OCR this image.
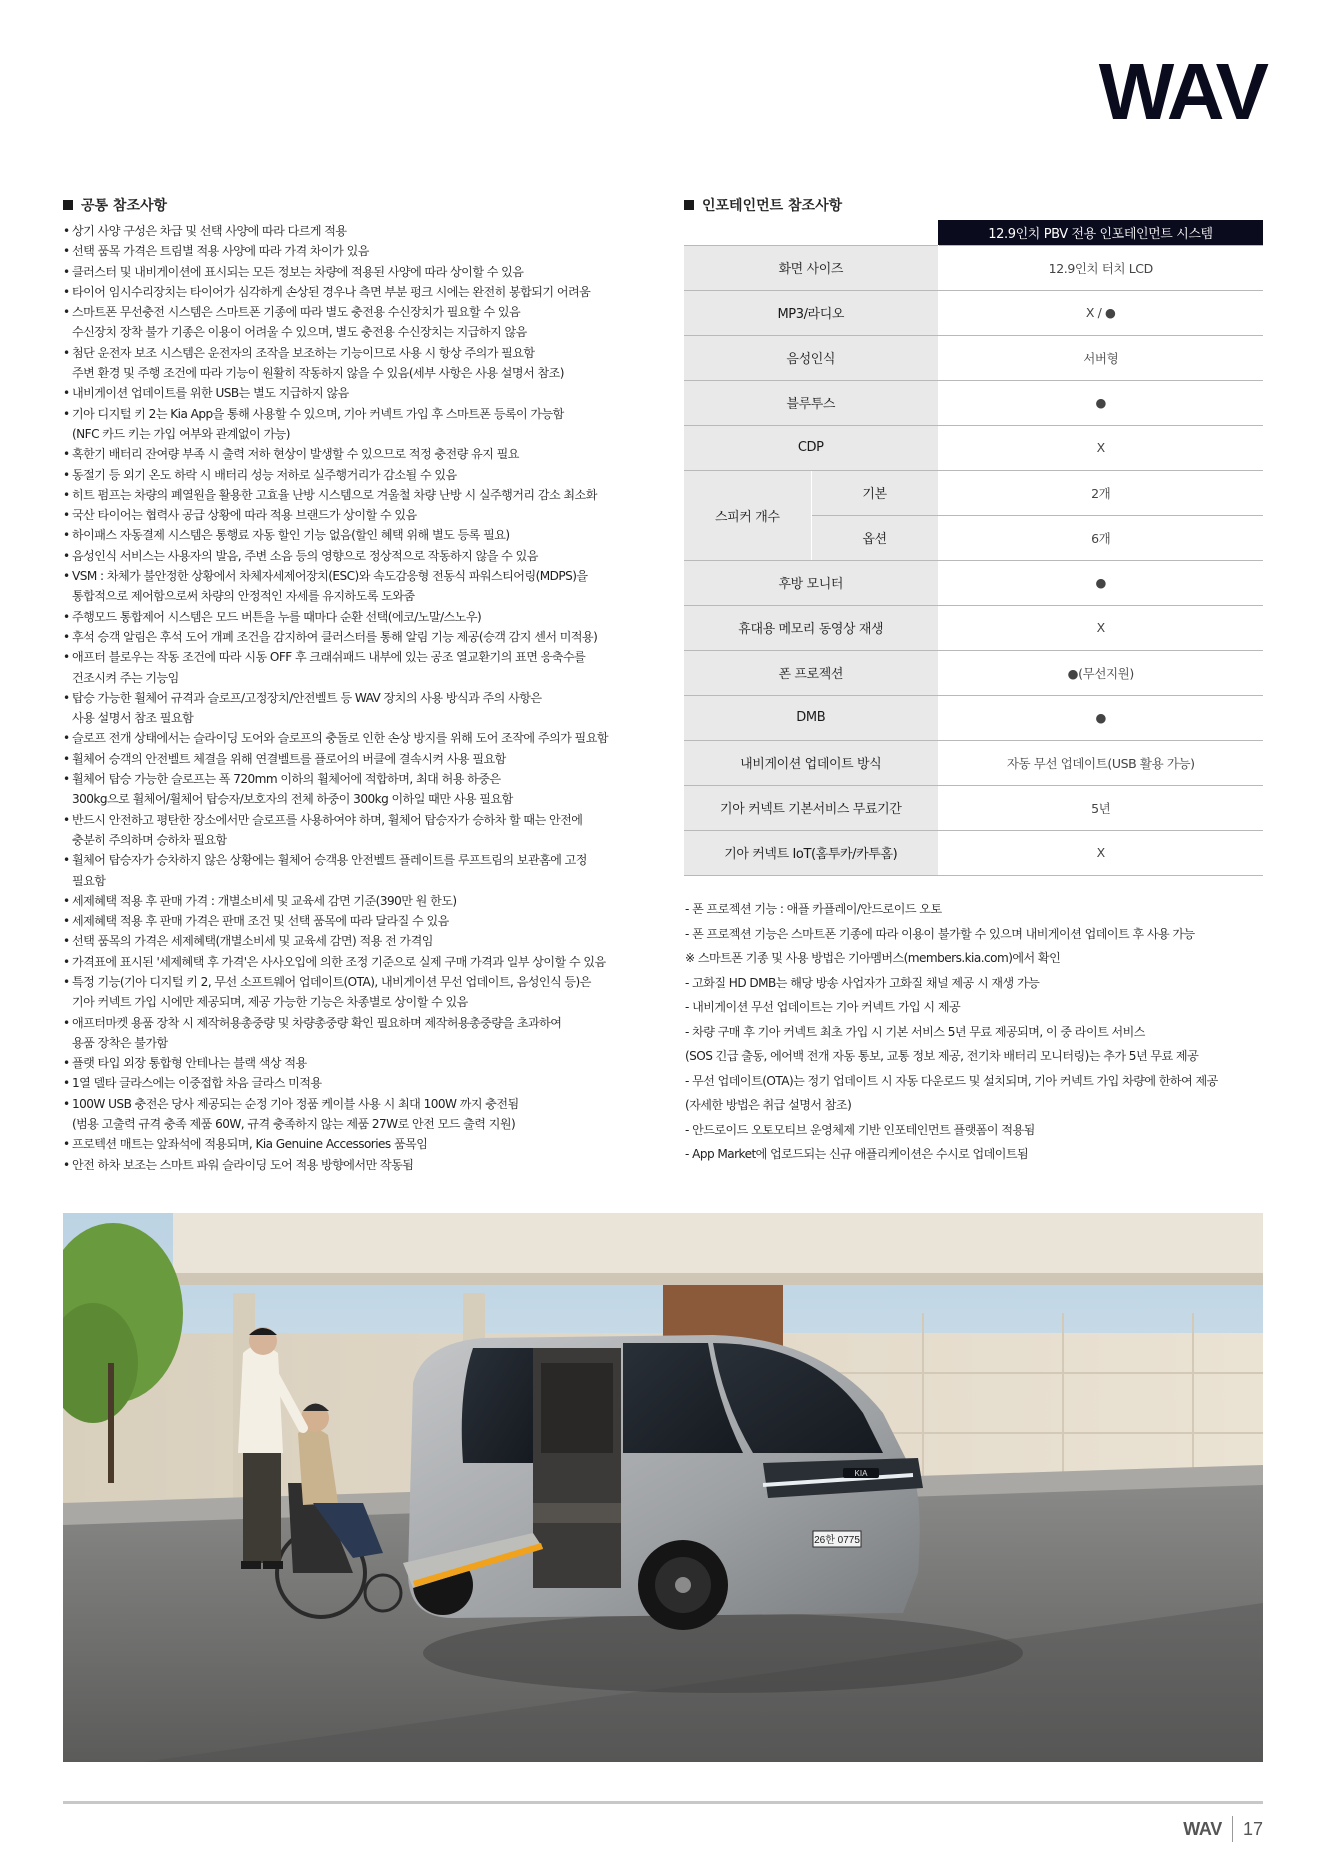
WAV
공통 참조사항
• 상기 사양 구성은 차급 및 선택 사양에 따라 다르게 적용
• 선택 품목 가격은 트림별 적용 사양에 따라 가격 차이가 있음
• 클러스터 및 내비게이션에 표시되는 모든 정보는 차량에 적용된 사양에 따라 상이할 수 있음
• 타이어 임시수리장치는 타이어가 심각하게 손상된 경우나 측면 부분 펑크 시에는 완전히 봉합되기 어려움
• 스마트폰 무선충전 시스템은 스마트폰 기종에 따라 별도 충전용 수신장치가 필요할 수 있음
수신장치 장착 불가 기종은 이용이 어려울 수 있으며, 별도 충전용 수신장치는 지급하지 않음
• 첨단 운전자 보조 시스템은 운전자의 조작을 보조하는 기능이므로 사용 시 항상 주의가 필요함
주변 환경 및 주행 조건에 따라 기능이 원활히 작동하지 않을 수 있음(세부 사항은 사용 설명서 참조)
• 내비게이션 업데이트를 위한 USB는 별도 지급하지 않음
• 기아 디지털 키 2는 Kia App을 통해 사용할 수 있으며, 기아 커넥트 가입 후 스마트폰 등록이 가능함
(NFC 카드 키는 가입 여부와 관계없이 가능)
• 혹한기 배터리 잔여량 부족 시 출력 저하 현상이 발생할 수 있으므로 적정 충전량 유지 필요
• 동절기 등 외기 온도 하락 시 배터리 성능 저하로 실주행거리가 감소될 수 있음
• 히트 펌프는 차량의 폐열원을 활용한 고효율 난방 시스템으로 겨울철 차량 난방 시 실주행거리 감소 최소화
• 국산 타이어는 협력사 공급 상황에 따라 적용 브랜드가 상이할 수 있음
• 하이패스 자동결제 시스템은 통행료 자동 할인 기능 없음(할인 혜택 위해 별도 등록 필요)
• 음성인식 서비스는 사용자의 발음, 주변 소음 등의 영향으로 정상적으로 작동하지 않을 수 있음
• VSM : 차체가 불안정한 상황에서 차체자세제어장치(ESC)와 속도감응형 전동식 파워스티어링(MDPS)을
통합적으로 제어함으로써 차량의 안정적인 자세를 유지하도록 도와줌
• 주행모드 통합제어 시스템은 모드 버튼을 누를 때마다 순환 선택(에코/노말/스노우)
• 후석 승객 알림은 후석 도어 개폐 조건을 감지하여 클러스터를 통해 알림 기능 제공(승객 감지 센서 미적용)
• 애프터 블로우는 작동 조건에 따라 시동 OFF 후 크래쉬패드 내부에 있는 공조 열교환기의 표면 응축수를
건조시켜 주는 기능임
• 탑승 가능한 휠체어 규격과 슬로프/고정장치/안전벨트 등 WAV 장치의 사용 방식과 주의 사항은
사용 설명서 참조 필요함
• 슬로프 전개 상태에서는 슬라이딩 도어와 슬로프의 충돌로 인한 손상 방지를 위해 도어 조작에 주의가 필요함
• 휠체어 승객의 안전벨트 체결을 위해 연결벨트를 플로어의 버클에 결속시켜 사용 필요함
• 휠체어 탑승 가능한 슬로프는 폭 720mm 이하의 휠체어에 적합하며, 최대 허용 하중은
300kg으로 휠체어/휠체어 탑승자/보호자의 전체 하중이 300kg 이하일 때만 사용 필요함
• 반드시 안전하고 평탄한 장소에서만 슬로프를 사용하여야 하며, 휠체어 탑승자가 승하차 할 때는 안전에
충분히 주의하며 승하차 필요함
• 휠체어 탑승자가 승차하지 않은 상황에는 휠체어 승객용 안전벨트 플레이트를 루프트림의 보관홈에 고정
필요함
• 세제혜택 적용 후 판매 가격 : 개별소비세 및 교육세 감면 기준(390만 원 한도)
• 세제혜택 적용 후 판매 가격은 판매 조건 및 선택 품목에 따라 달라질 수 있음
• 선택 품목의 가격은 세제혜택(개별소비세 및 교육세 감면) 적용 전 가격임
• 가격표에 표시된 '세제혜택 후 가격'은 사사오입에 의한 조정 기준으로 실제 구매 가격과 일부 상이할 수 있음
• 특정 기능(기아 디지털 키 2, 무선 소프트웨어 업데이트(OTA), 내비게이션 무선 업데이트, 음성인식 등)은
기아 커넥트 가입 시에만 제공되며, 제공 가능한 기능은 차종별로 상이할 수 있음
• 애프터마켓 용품 장착 시 제작허용총중량 및 차량총중량 확인 필요하며 제작허용총중량을 초과하여
용품 장착은 불가함
• 플랫 타입 외장 통합형 안테나는 블랙 색상 적용
• 1열 델타 글라스에는 이중접합 차음 글라스 미적용
• 100W USB 충전은 당사 제공되는 순정 기아 정품 케이블 사용 시 최대 100W 까지 충전됨
(범용 고출력 규격 충족 제품 60W, 규격 충족하지 않는 제품 27W로 안전 모드 출력 지원)
• 프로텍션 매트는 앞좌석에 적용되며, Kia Genuine Accessories 품목임
• 안전 하차 보조는 스마트 파워 슬라이딩 도어 적용 방향에서만 작동됨
인포테인먼트 참조사항
		12.9인치 PBV 전용 인포테인먼트 시스템
화면 사이즈		12.9인치 터치 LCD
MP3/라디오		X / ●
음성인식		서버형
블루투스		●
CDP		X
스피커 개수	기본	2개
	옵션	6개
후방 모니터		●
휴대용 메모리 동영상 재생		X
폰 프로젝션		●(무선지원)
DMB		●
내비게이션 업데이트 방식		자동 무선 업데이트(USB 활용 가능)
기아 커넥트 기본서비스 무료기간		5년
기아 커넥트 IoT(홈투카/카투홈)		X
- 폰 프로젝션 기능 : 애플 카플레이/안드로이드 오토
- 폰 프로젝션 기능은 스마트폰 기종에 따라 이용이 불가할 수 있으며 내비게이션 업데이트 후 사용 가능
※ 스마트폰 기종 및 사용 방법은 기아멤버스(members.kia.com)에서 확인
- 고화질 HD DMB는 해당 방송 사업자가 고화질 채널 제공 시 재생 가능
- 내비게이션 무선 업데이트는 기아 커넥트 가입 시 제공
- 차량 구매 후 기아 커넥트 최초 가입 시 기본 서비스 5년 무료 제공되며, 이 중 라이트 서비스
(SOS 긴급 출동, 에어백 전개 자동 통보, 교통 정보 제공, 전기차 배터리 모니터링)는 추가 5년 무료 제공
- 무선 업데이트(OTA)는 정기 업데이트 시 자동 다운로드 및 설치되며, 기아 커넥트 가입 차량에 한하여 제공
(자세한 방법은 취급 설명서 참조)
- 안드로이드 오토모티브 운영체제 기반 인포테인먼트 플랫폼이 적용됨
- App Market에 업로드되는 신규 애플리케이션은 수시로 업데이트됨
KIA
26한 0775
WAV 17
